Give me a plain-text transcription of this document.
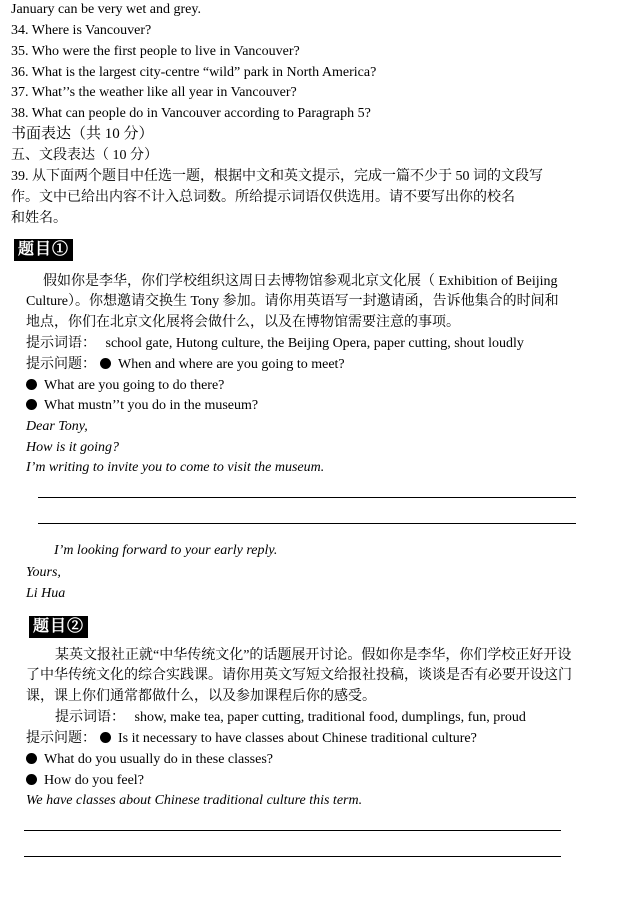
January can be very wet and grey.
34. Where is Vancouver?
35. Who were the first people to live in Vancouver?
36. What is the largest city-centre “wild” park in North America?
37. What’’s the weather like all year in Vancouver?
38. What can people do in Vancouver according to Paragraph 5?
书面表达（共 10 分）
五、文段表达（ 10 分）
39. 从下面两个题目中任选一题，根据中文和英文提示，完成一篇不少于 50 词的文段写
作。文中已给出内容不计入总词数。所给提示词语仅供选用。请不要写出你的校名
和姓名。
题目①
假如你是李华，你们学校组织这周日去博物馆参观北京文化展（ Exhibition of Beijing
Culture）。你想邀请交换生 Tony 参加。请你用英语写一封邀请函，告诉他集合的时间和
地点，你们在北京文化展将会做什么，以及在博物馆需要注意的事项。
提示词语： school gate, Hutong culture, the Beijing Opera, paper cutting, shout loudly
提示问题： When and where are you going to meet?
What are you going to do there?
What mustn’’t you do in the museum?
Dear Tony,
How is it going?
I’m writing to invite you to come to visit the museum.
I’m looking forward to your early reply.
Yours,
Li Hua
题目②
某英文报社正就“中华传统文化”的话题展开讨论。假如你是李华，你们学校正好开设
了中华传统文化的综合实践课。请你用英文写短文给报社投稿，谈谈是否有必要开设这门
课，课上你们通常都做什么，以及参加课程后你的感受。
提示词语： show, make tea, paper cutting, traditional food, dumplings, fun, proud
提示问题： Is it necessary to have classes about Chinese traditional culture?
What do you usually do in these classes?
How do you feel?
We have classes about Chinese traditional culture this term.
